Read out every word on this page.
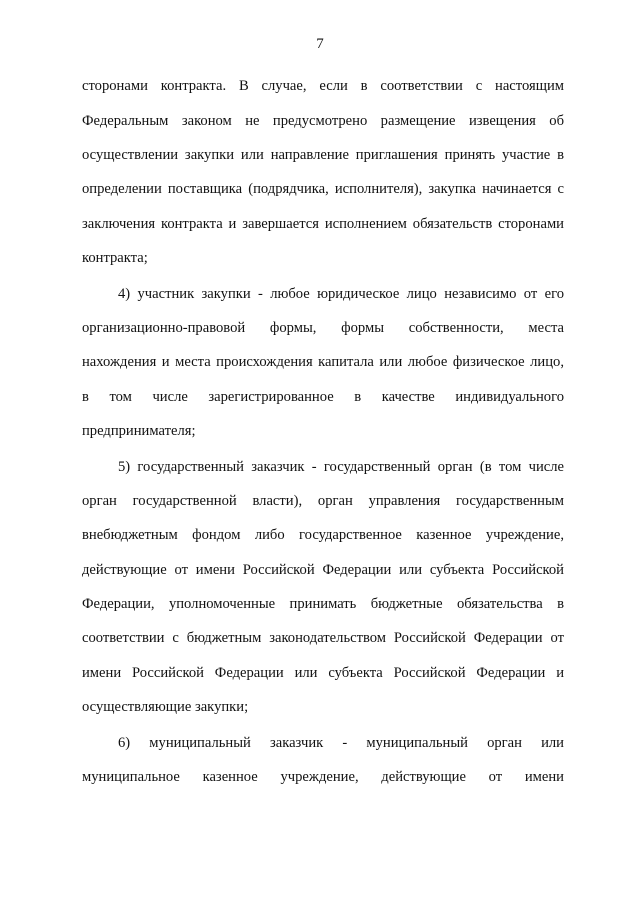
7
сторонами контракта. В случае, если в соответствии с настоящим
Федеральным законом не предусмотрено размещение извещения об
осуществлении закупки или направление приглашения принять участие в
определении поставщика (подрядчика, исполнителя), закупка начинается с
заключения контракта и завершается исполнением обязательств сторонами
контракта;
4) участник закупки - любое юридическое лицо независимо от его
организационно-правовой формы, формы собственности, места
нахождения и места происхождения капитала или любое физическое лицо,
в том числе зарегистрированное в качестве индивидуального
предпринимателя;
5) государственный заказчик - государственный орган (в том числе
орган государственной власти), орган управления государственным
внебюджетным фондом либо государственное казенное учреждение,
действующие от имени Российской Федерации или субъекта Российской
Федерации, уполномоченные принимать бюджетные обязательства в
соответствии с бюджетным законодательством Российской Федерации от
имени Российской Федерации или субъекта Российской Федерации и
осуществляющие закупки;
6) муниципальный заказчик - муниципальный орган или
муниципальное казенное учреждение, действующие от имени
